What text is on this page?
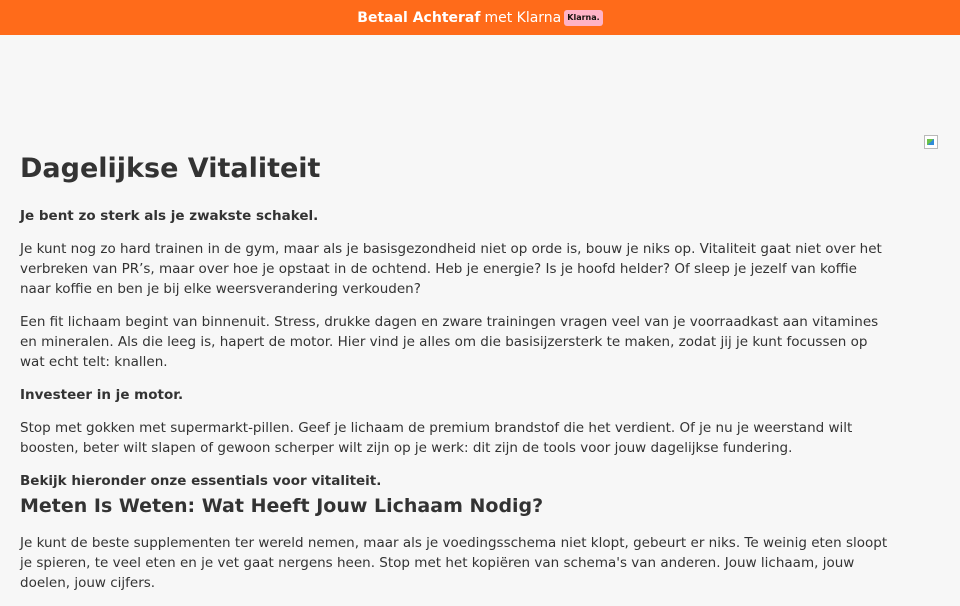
Betaal Achteraf met Klarna Klarna.
Dagelijkse Vitaliteit

Je bent zo sterk als je zwakste schakel.

Je kunt nog zo hard trainen in de gym, maar als je basisgezondheid niet op orde is, bouw je niks op. Vitaliteit gaat niet over het verbreken van PR’s, maar over hoe je opstaat in de ochtend. Heb je energie? Is je hoofd helder? Of sleep je jezelf van koffie naar koffie en ben je bij elke weersverandering verkouden?

Een fit lichaam begint van binnenuit. Stress, drukke dagen en zware trainingen vragen veel van je voorraadkast aan vitamines en mineralen. Als die leeg is, hapert de motor. Hier vind je alles om die basisijzersterk te maken, zodat jij je kunt focussen op wat echt telt: knallen.

Investeer in je motor.

Stop met gokken met supermarkt-pillen. Geef je lichaam de premium brandstof die het verdient. Of je nu je weerstand wilt boosten, beter wilt slapen of gewoon scherper wilt zijn op je werk: dit zijn de tools voor jouw dagelijkse fundering.

Bekijk hieronder onze essentials voor vitaliteit.

Meten Is Weten: Wat Heeft Jouw Lichaam Nodig?

Je kunt de beste supplementen ter wereld nemen, maar als je voedingsschema niet klopt, gebeurt er niks. Te weinig eten sloopt je spieren, te veel eten en je vet gaat nergens heen. Stop met het kopiëren van schema's van anderen. Jouw lichaam, jouw doelen, jouw cijfers.
